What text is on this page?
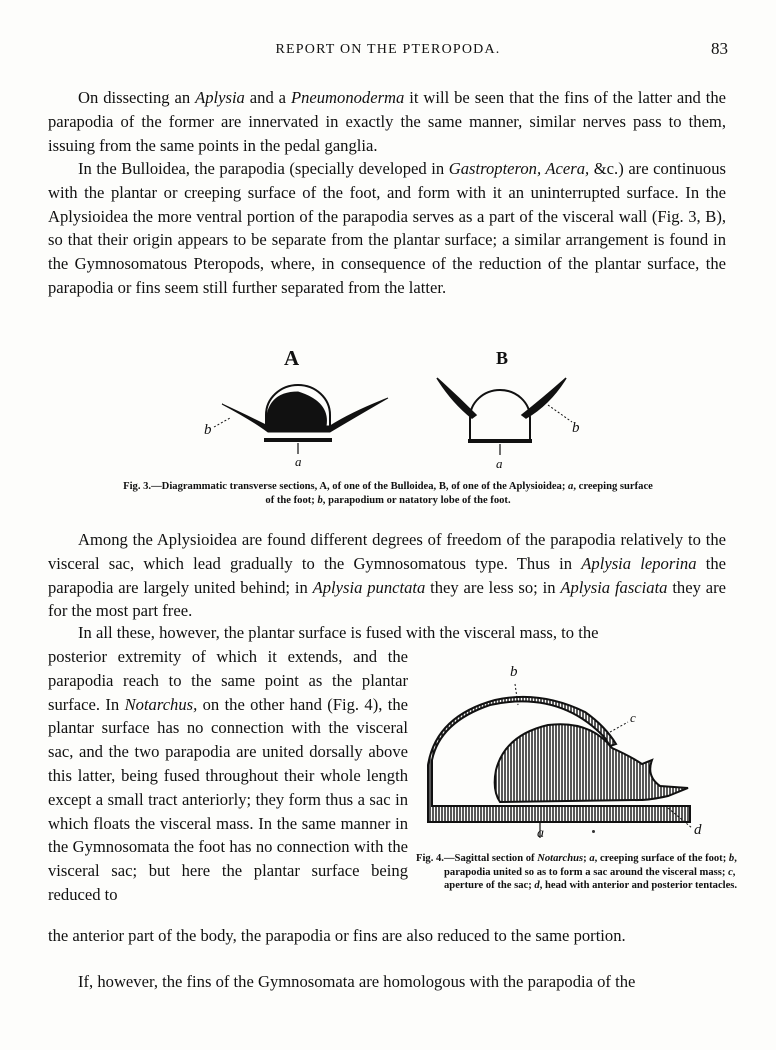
REPORT ON THE PTEROPODA.	83

On dissecting an Aplysia and a Pneumonoderma it will be seen that the fins of the latter and the parapodia of the former are innervated in exactly the same manner, similar nerves pass to them, issuing from the same points in the pedal ganglia.

In the Bulloidea, the parapodia (specially developed in Gastropteron, Acera, &c.) are continuous with the plantar or creeping surface of the foot, and form with it an uninterrupted surface. In the Aplysioidea the more ventral portion of the parapodia serves as a part of the visceral wall (Fig. 3, B), so that their origin appears to be separate from the plantar surface; a similar arrangement is found in the Gymnosomatous Pteropods, where, in consequence of the reduction of the plantar surface, the parapodia or fins seem still further separated from the latter.

A	B
b
a
b
a

Fig. 3.—Diagrammatic transverse sections, A, of one of the Bulloidea, B, of one of the Aplysioidea; a, creeping surface of the foot; b, parapodium or natatory lobe of the foot.

Among the Aplysioidea are found different degrees of freedom of the parapodia relatively to the visceral sac, which lead gradually to the Gymnosomatous type. Thus in Aplysia leporina the parapodia are largely united behind; in Aplysia punctata they are less so; in Aplysia fasciata they are for the most part free.

In all these, however, the plantar surface is fused with the visceral mass, to the

posterior extremity of which it extends, and the parapodia reach to the same point as the plantar surface. In Notarchus, on the other hand (Fig. 4), the plantar surface has no connection with the visceral sac, and the two parapodia are united dorsally above this latter, being fused throughout their whole length except a small tract anteriorly; they form thus a sac in which floats the visceral mass. In the same manner in the Gymnosomata the foot has no connection with the visceral sac; but here the plantar surface being reduced to

the anterior part of the body, the parapodia or fins are also reduced to the same portion.

If, however, the fins of the Gymnosomata are homologous with the parapodia of the

b
c
a	d

Fig. 4.—Sagittal section of Notarchus; a, creeping surface of the foot; b, parapodia united so as to form a sac around the visceral mass; c, aperture of the sac; d, head with anterior and posterior tentacles.
